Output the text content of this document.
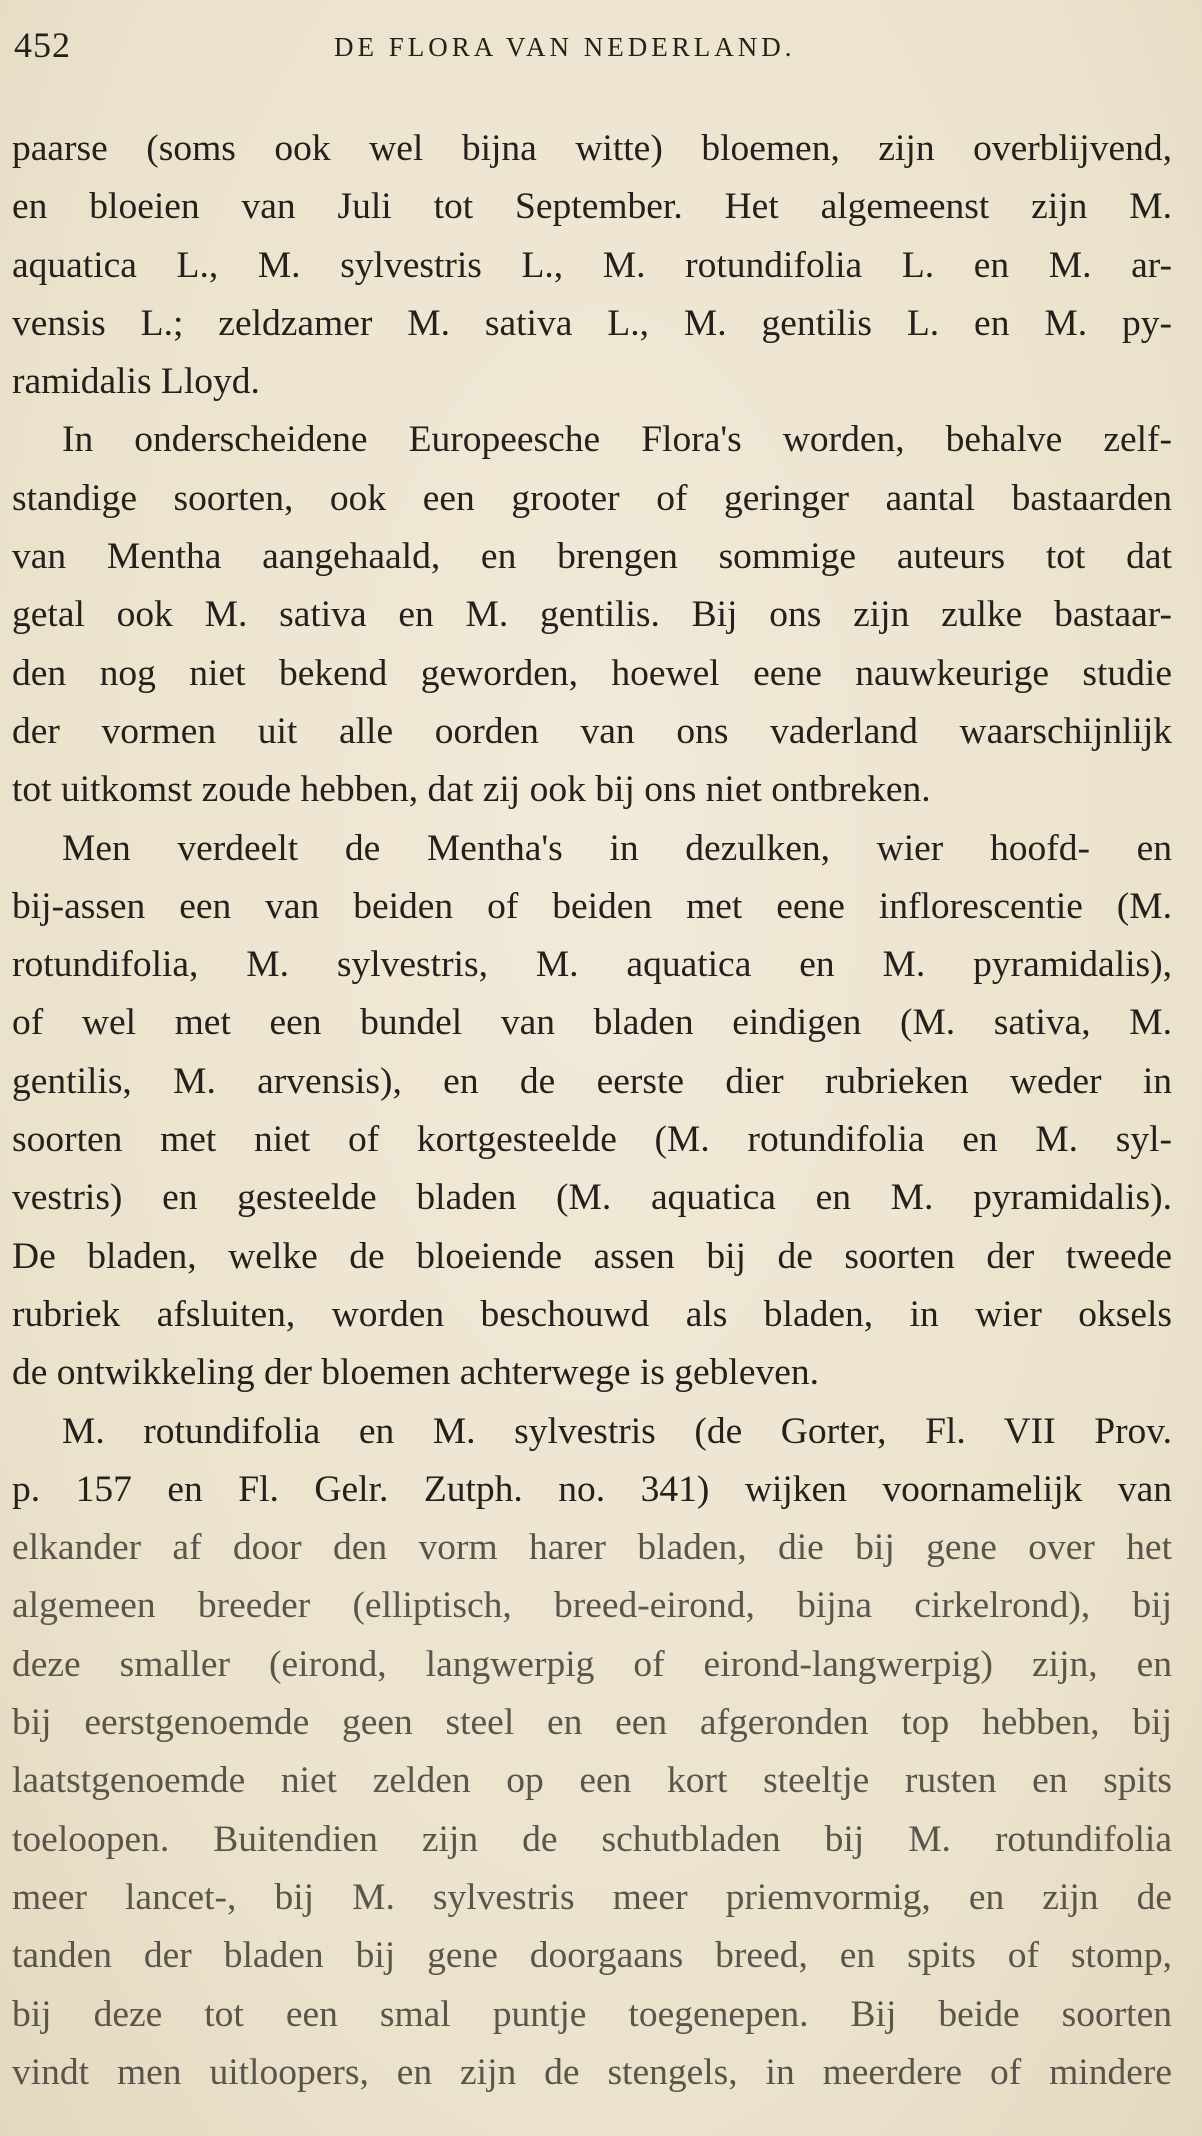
452	DE FLORA VAN NEDERLAND.
paarse (soms ook wel bijna witte) bloemen, zijn overblijvend,
en bloeien van Juli tot September. Het algemeenst zijn M.
aquatica L., M. sylvestris L., M. rotundifolia L. en M. ar-
vensis L.; zeldzamer M. sativa L., M. gentilis L. en M. py-
ramidalis Lloyd.
In onderscheidene Europeesche Flora's worden, behalve zelf-
standige soorten, ook een grooter of geringer aantal bastaarden
van Mentha aangehaald, en brengen sommige auteurs tot dat
getal ook M. sativa en M. gentilis. Bij ons zijn zulke bastaar-
den nog niet bekend geworden, hoewel eene nauwkeurige studie
der vormen uit alle oorden van ons vaderland waarschijnlijk
tot uitkomst zoude hebben, dat zij ook bij ons niet ontbreken.
Men verdeelt de Mentha's in dezulken, wier hoofd- en
bij-assen een van beiden of beiden met eene inflorescentie (M.
rotundifolia, M. sylvestris, M. aquatica en M. pyramidalis),
of wel met een bundel van bladen eindigen (M. sativa, M.
gentilis, M. arvensis), en de eerste dier rubrieken weder in
soorten met niet of kortgesteelde (M. rotundifolia en M. syl-
vestris) en gesteelde bladen (M. aquatica en M. pyramidalis).
De bladen, welke de bloeiende assen bij de soorten der tweede
rubriek afsluiten, worden beschouwd als bladen, in wier oksels
de ontwikkeling der bloemen achterwege is gebleven.
M. rotundifolia en M. sylvestris (de Gorter, Fl. VII Prov.
p. 157 en Fl. Gelr. Zutph. no. 341) wijken voornamelijk van
elkander af door den vorm harer bladen, die bij gene over het
algemeen breeder (elliptisch, breed-eirond, bijna cirkelrond), bij
deze smaller (eirond, langwerpig of eirond-langwerpig) zijn, en
bij eerstgenoemde geen steel en een afgeronden top hebben, bij
laatstgenoemde niet zelden op een kort steeltje rusten en spits
toeloopen. Buitendien zijn de schutbladen bij M. rotundifolia
meer lancet-, bij M. sylvestris meer priemvormig, en zijn de
tanden der bladen bij gene doorgaans breed, en spits of stomp,
bij deze tot een smal puntje toegenepen. Bij beide soorten
vindt men uitloopers, en zijn de stengels, in meerdere of mindere
